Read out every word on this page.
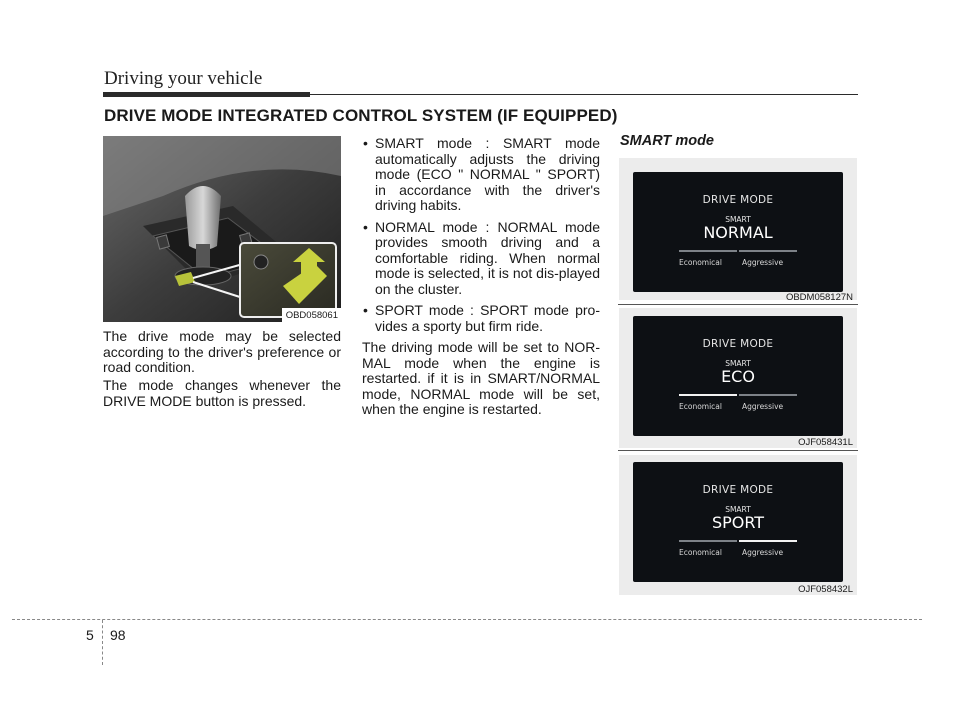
Driving your vehicle
DRIVE MODE INTEGRATED CONTROL SYSTEM (IF EQUIPPED)
OBD058061
The drive mode may be selected according to the driver's preference or road condition.
The mode changes whenever the DRIVE MODE button is pressed.
• SMART mode : SMART mode automatically adjusts the driving mode (ECO " NORMAL " SPORT) in accordance with the driver's driving habits.
• NORMAL mode : NORMAL mode provides smooth driving and a comfortable riding. When normal mode is selected, it is not dis-played on the cluster.
• SPORT mode : SPORT mode pro-vides a sporty but firm ride.

The driving mode will be set to NOR-MAL mode when the engine is restarted. if it is in SMART/NORMAL mode, NORMAL mode will be set, when the engine is restarted.

SMART mode
DRIVE MODE
SMART
NORMAL
Economical	Aggressive
OBDM058127N
DRIVE MODE
SMART
ECO
Economical	Aggressive
OJF058431L
DRIVE MODE
SMART
SPORT
Economical	Aggressive
OJF058432L
5 98
